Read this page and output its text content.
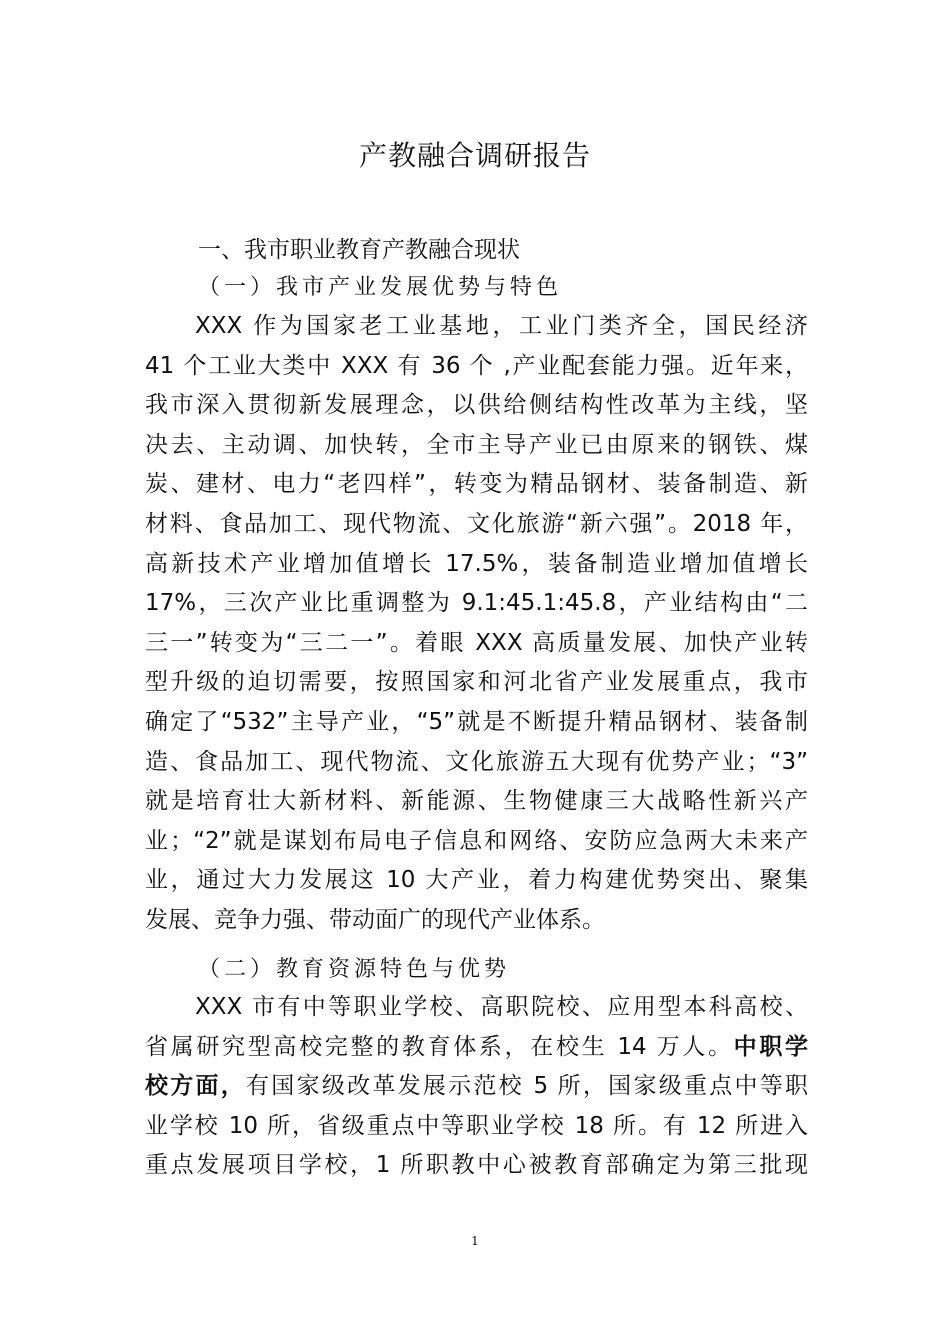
产教融合调研报告
一、我市职业教育产教融合现状
（一）我市产业发展优势与特色
XXX 作为国家老工业基地，工业门类齐全，国民经济
41 个工业大类中 XXX 有 36 个 ,产业配套能力强。近年来，
我市深入贯彻新发展理念，以供给侧结构性改革为主线，坚
决去、主动调、加快转，全市主导产业已由原来的钢铁、煤
炭、建材、电力“老四样”，转变为精品钢材、装备制造、新
材料、食品加工、现代物流、文化旅游“新六强”。2018 年，
高新技术产业增加值增长 17.5%，装备制造业增加值增长
17%，三次产业比重调整为 9.1:45.1:45.8，产业结构由“二
三一”转变为“三二一”。着眼 XXX 高质量发展、加快产业转
型升级的迫切需要，按照国家和河北省产业发展重点，我市
确定了“532”主导产业，“5”就是不断提升精品钢材、装备制
造、食品加工、现代物流、文化旅游五大现有优势产业；“3”
就是培育壮大新材料、新能源、生物健康三大战略性新兴产
业；“2”就是谋划布局电子信息和网络、安防应急两大未来产
业，通过大力发展这 10 大产业，着力构建优势突出、聚集
发展、竞争力强、带动面广的现代产业体系。
（二）教育资源特色与优势
XXX 市有中等职业学校、高职院校、应用型本科高校、
省属研究型高校完整的教育体系，在校生 14 万人。中职学
校方面，有国家级改革发展示范校 5 所，国家级重点中等职
业学校 10 所，省级重点中等职业学校 18 所。有 12 所进入
重点发展项目学校，1 所职教中心被教育部确定为第三批现
1
